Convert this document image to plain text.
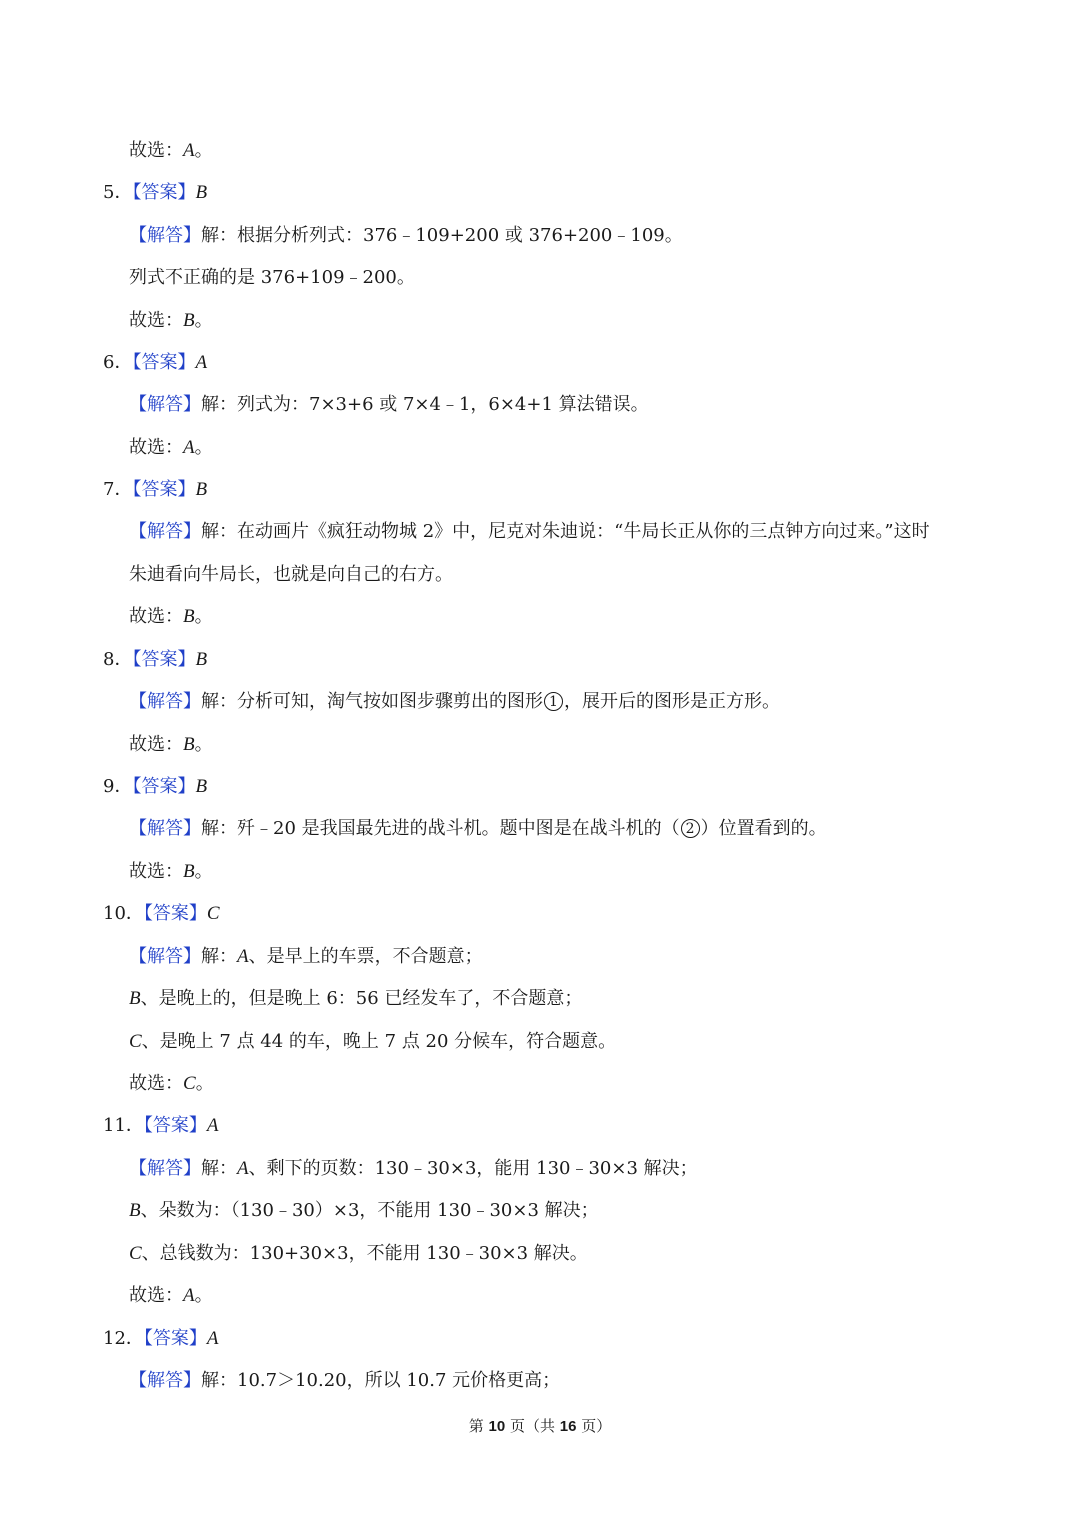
故选：A。
5．【答案】B
【解答】解：根据分析列式：376﹣109+200 或 376+200﹣109。
列式不正确的是 376+109﹣200。
故选：B。
6．【答案】A
【解答】解：列式为：7×3+6 或 7×4﹣1，6×4+1 算法错误。
故选：A。
7．【答案】B
【解答】解：在动画片《疯狂动物城 2》中，尼克对朱迪说：“牛局长正从你的三点钟方向过来。”这时
朱迪看向牛局长，也就是向自己的右方。
故选：B。
8．【答案】B
【解答】解：分析可知，淘气按如图步骤剪出的图形 1 ，展开后的图形是正方形。
故选：B。
9．【答案】B
【解答】解：歼﹣20 是我国最先进的战斗机。题中图是在战斗机的（ 2 ）位置看到的。
故选：B。
10．【答案】C
【解答】解：A、是早上的车票，不合题意；
B、是晚上的，但是晚上 6：56 已经发车了，不合题意；
C、是晚上 7 点 44 的车，晚上 7 点 20 分候车，符合题意。
故选：C。
11．【答案】A
【解答】解：A、剩下的页数：130﹣30×3，能用 130﹣30×3 解决；
B、朵数为：（130﹣30）×3，不能用 130﹣30×3 解决；
C、总钱数为：130+30×3，不能用 130﹣30×3 解决。
故选：A。
12．【答案】A
【解答】解：10.7＞10.20，所以 10.7 元价格更高；
第 10 页（共 16 页）
